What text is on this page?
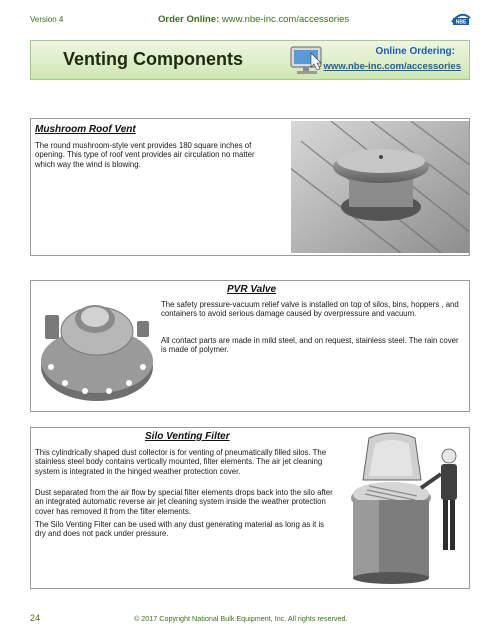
Version 4	Order Online: www.nbe-inc.com/accessories	NBE
Venting Components	Online Ordering:
www.nbe-inc.com/accessories
Mushroom Roof Vent
The round mushroom-style vent provides 180 square inches of opening. This type of roof vent provides air circulation no matter which way the wind is blowing.
PVR Valve
The safety pressure-vacuum relief valve is installed on top of silos, bins, hoppers , and containers to avoid serious damage caused by overpressure and vacuum.
All contact parts are made in mild steel, and on request, stainless steel. The rain cover is made of polymer.
Silo Venting Filter
This cylindrically shaped dust collector is for venting of pneumatically filled silos. The stainless steel body contains vertically mounted, filter elements. The air jet cleaning system is integrated in the hinged weather protection cover.
Dust separated from the air flow by special filter elements drops back into the silo after an integrated automatic reverse air jet cleaning system inside the weather protection cover has removed it from the filter elements.
The Silo Venting Filter can be used with any dust generating material as long as it is dry and does not pack under pressure.
24	© 2017 Copyright National Bulk Equipment, Inc. All rights reserved.
